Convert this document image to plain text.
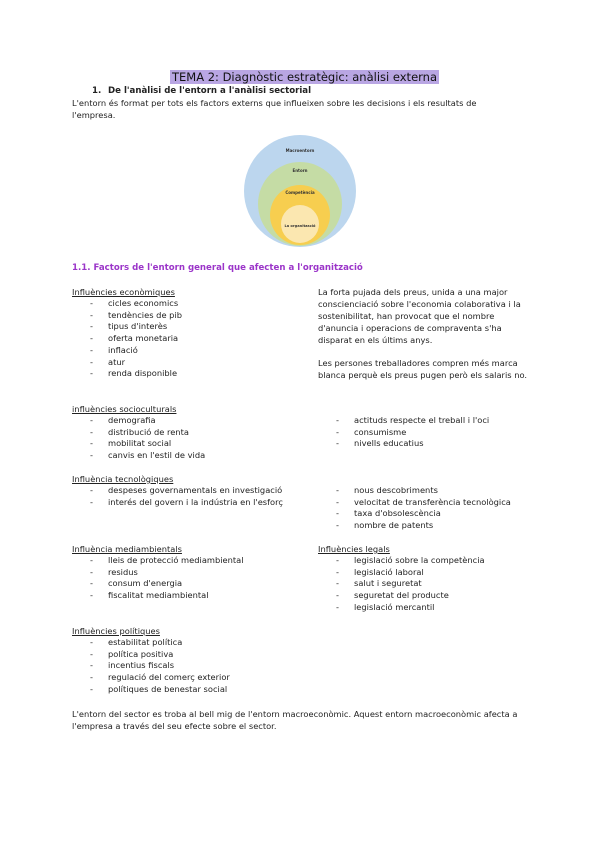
TEMA 2: Diagnòstic estratègic: anàlisi externa
1. De l'anàlisi de l'entorn a l'anàlisi sectorial
L'entorn és format per tots els factors externs que influeixen sobre les decisions i els resultats de l'empresa.
Macroentorn
Entorn
Competència
La organització
1.1. Factors de l'entorn general que afecten a l'organització
Influències econòmiques
- cicles economics
- tendències de pib
- tipus d'interès
- oferta monetaria
- inflació
- atur
- renda disponible
La forta pujada dels preus, unida a una major conscienciació sobre l'economia colaborativa i la sostenibilitat, han provocat que el nombre d'anuncia i operacions de compraventa s'ha disparat en els últims anys.
Les persones treballadores compren més marca blanca perquè els preus pugen però els salaris no.
influències socioculturals
- demografia
- distribució de renta
- mobilitat social
- canvis en l'estil de vida
- actituds respecte el treball i l'oci
- consumisme
- nivells educatius
Influència tecnològiques
- despeses governamentals en investigació
- interés del govern i la indústria en l'esforç
- nous descobriments
- velocitat de transferència tecnològica
- taxa d'obsolescència
- nombre de patents
Influència mediambientals
- lleis de protecció mediambiental
- residus
- consum d'energia
- fiscalitat mediambiental
Influències legals
- legislació sobre la competència
- legislació laboral
- salut i seguretat
- seguretat del producte
- legislació mercantil
Influències polítiques
- estabilitat política
- política positiva
- incentius fiscals
- regulació del comerç exterior
- polítiques de benestar social
L'entorn del sector es troba al bell mig de l'entorn macroeconòmic. Aquest entorn macroeconòmic afecta a l'empresa a través del seu efecte sobre el sector.
